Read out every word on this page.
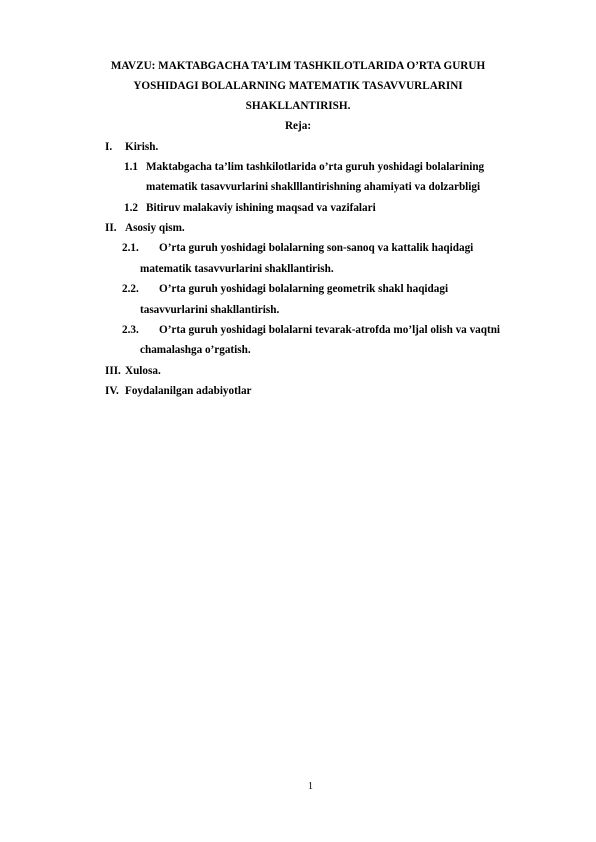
MAVZU: MAKTABGACHA TA’LIM TASHKILOTLARIDA O’RTA GURUH
YOSHIDAGI BOLALARNING MATEMATIK TASAVVURLARINI
SHAKLLANTIRISH.
Reja:
I. Kirish.
1.1 Maktabgacha ta’lim tashkilotlarida o’rta guruh yoshidagi bolalarining
matematik tasavvurlarini shaklllantirishning ahamiyati va dolzarbligi
1.2 Bitiruv malakaviy ishining maqsad va vazifalari
II. Asosiy qism.
2.1. O’rta guruh yoshidagi bolalarning son-sanoq va kattalik haqidagi
matematik tasavvurlarini shakllantirish.
2.2. O’rta guruh yoshidagi bolalarning geometrik shakl haqidagi
tasavvurlarini shakllantirish.
2.3. O’rta guruh yoshidagi bolalarni tevarak-atrofda mo’ljal olish va vaqtni
chamalashga o’rgatish.
III. Xulosa.
IV. Foydalanilgan adabiyotlar
1
